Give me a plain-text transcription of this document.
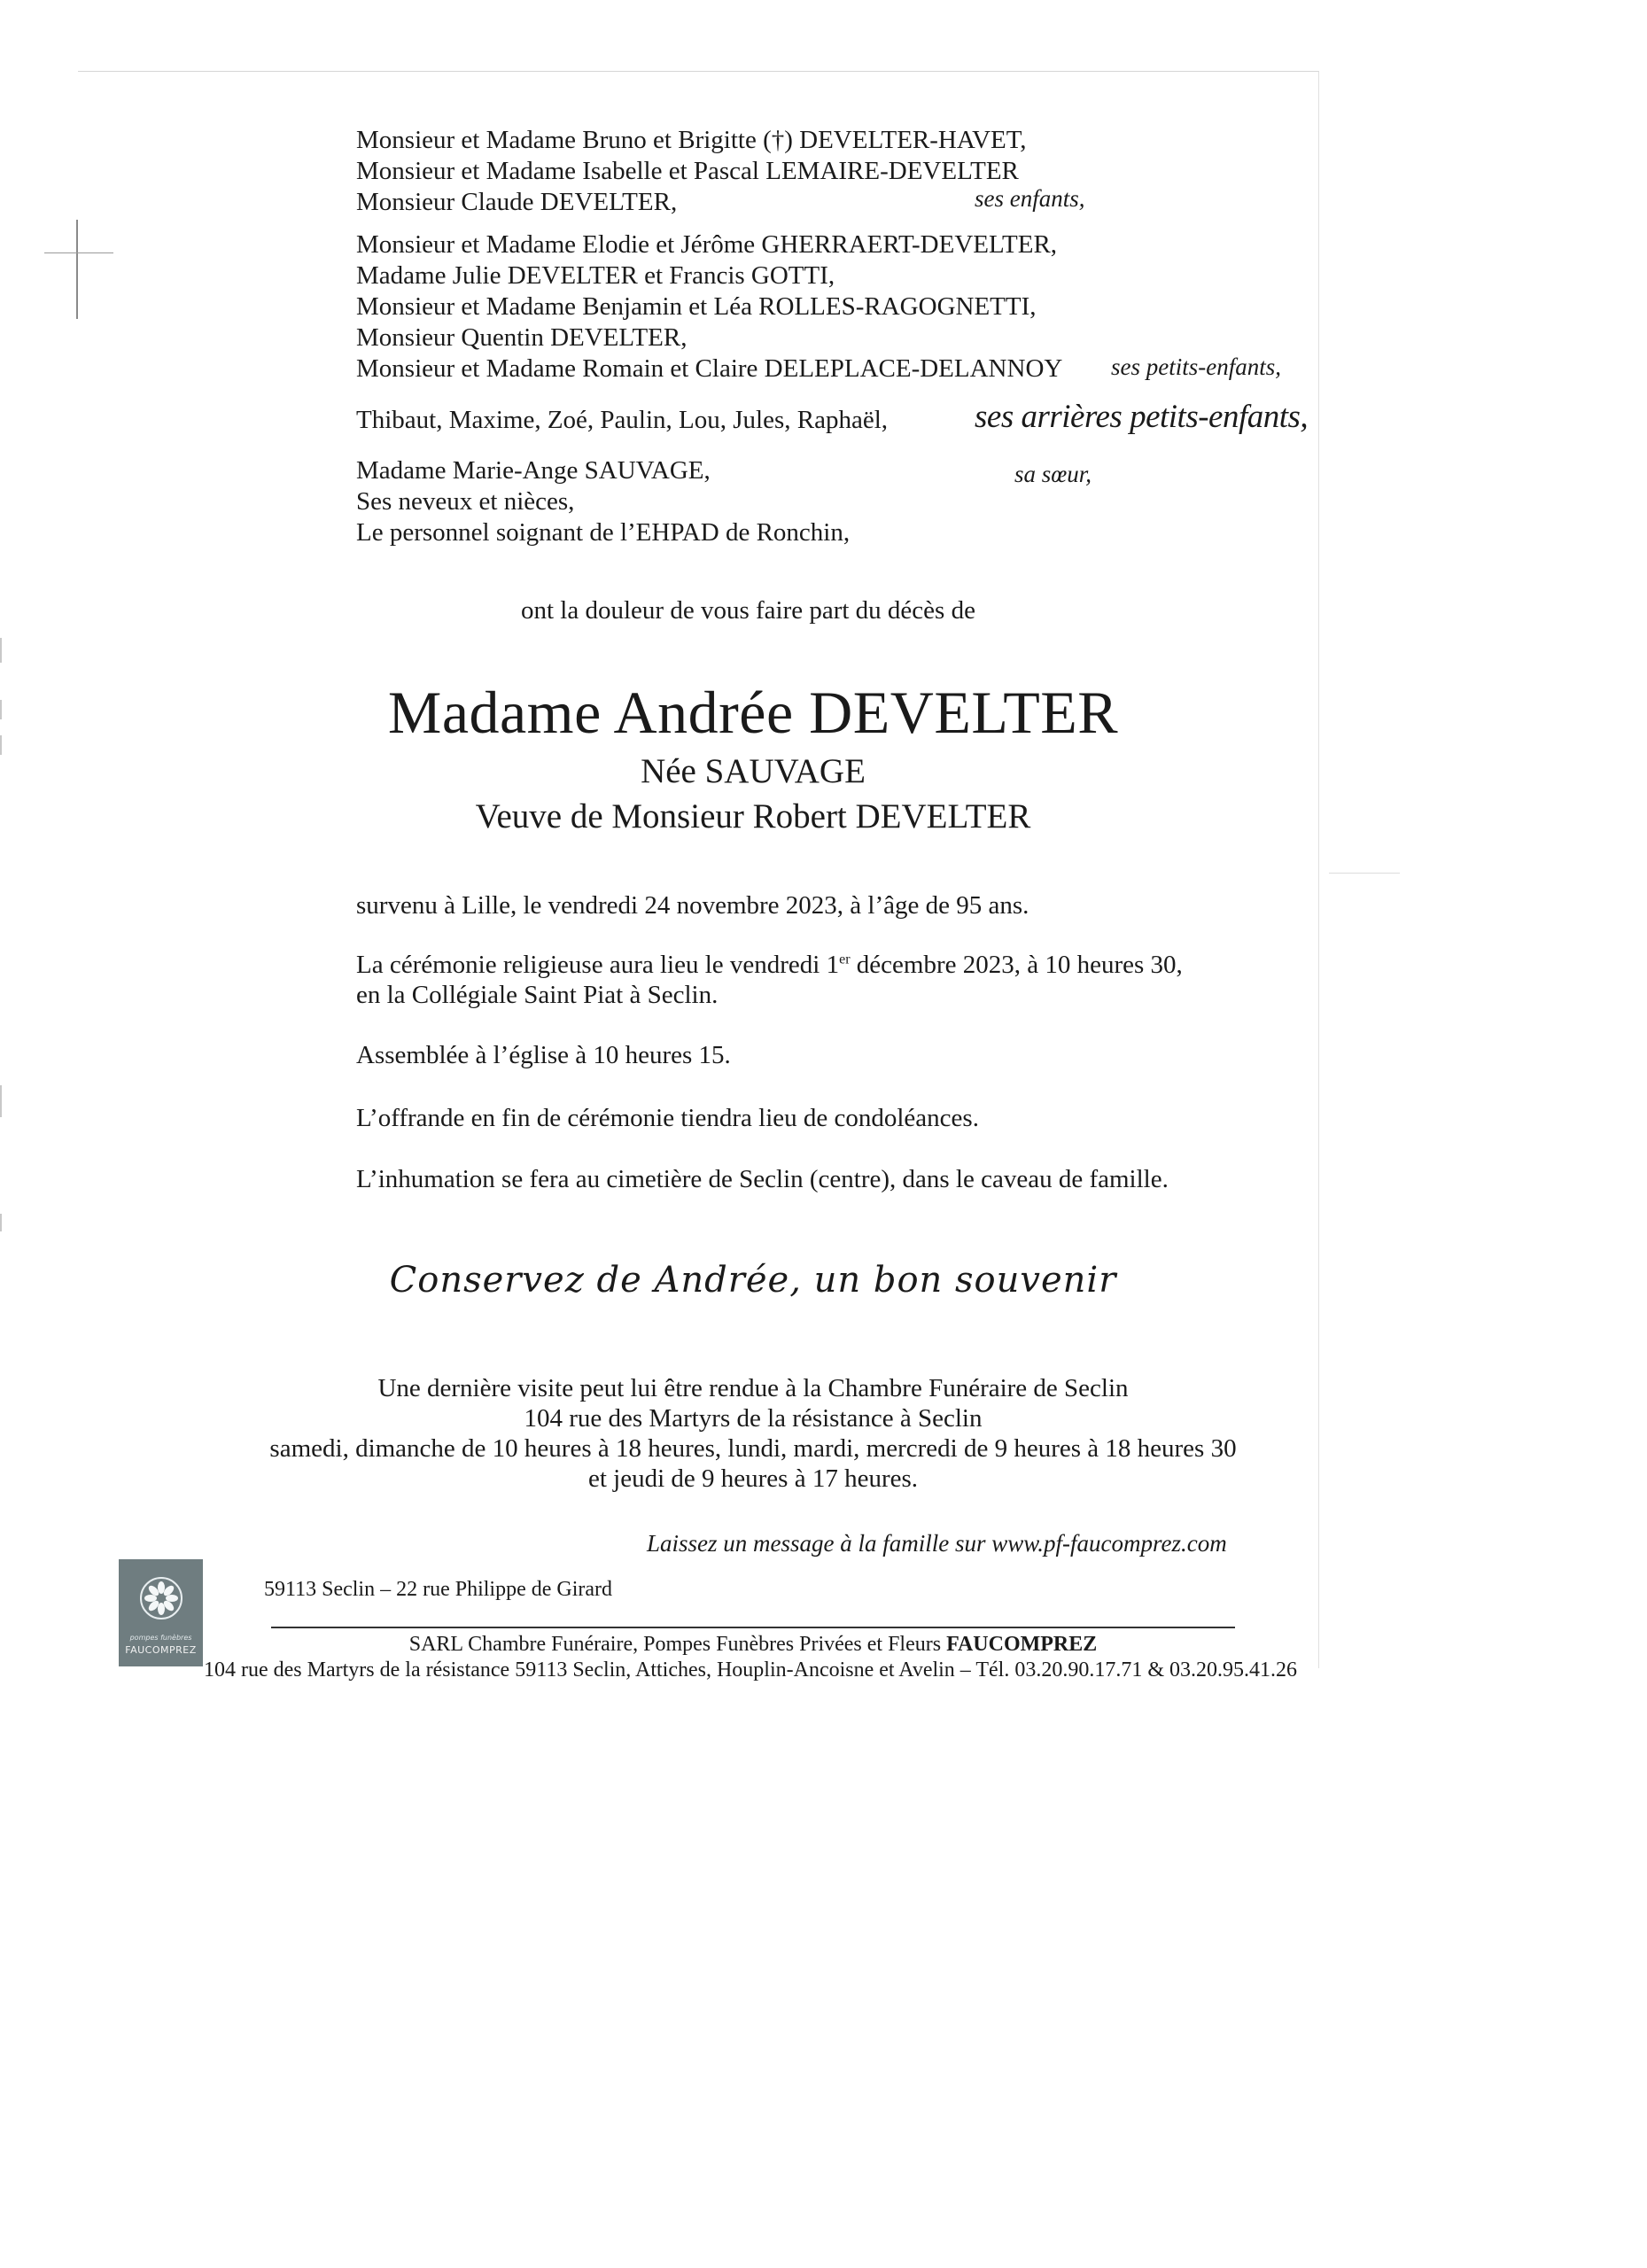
Monsieur et Madame Bruno et Brigitte (†) DEVELTER-HAVET,
Monsieur et Madame Isabelle et Pascal LEMAIRE-DEVELTER
Monsieur Claude DEVELTER,	ses enfants,
Monsieur et Madame Elodie et Jérôme GHERRAERT-DEVELTER,
Madame Julie DEVELTER et Francis GOTTI,
Monsieur et Madame Benjamin et Léa ROLLES-RAGOGNETTI,
Monsieur Quentin DEVELTER,
Monsieur et Madame Romain et Claire DELEPLACE-DELANNOY ses petits-enfants,
Thibaut, Maxime, Zoé, Paulin, Lou, Jules, Raphaël,	ses arrières petits-enfants,
Madame Marie-Ange SAUVAGE,
Ses neveux et nièces,
Le personnel soignant de l’EHPAD de Ronchin,
sa sœur,
ont la douleur de vous faire part du décès de
Madame Andrée DEVELTER
Née SAUVAGE
Veuve de Monsieur Robert DEVELTER
survenu à Lille, le vendredi 24 novembre 2023, à l’âge de 95 ans.
La cérémonie religieuse aura lieu le vendredi 1er décembre 2023, à 10 heures 30,
en la Collégiale Saint Piat à Seclin.
Assemblée à l’église à 10 heures 15.
L’offrande en fin de cérémonie tiendra lieu de condoléances.
L’inhumation se fera au cimetière de Seclin (centre), dans le caveau de famille.
Conservez de Andrée, un bon souvenir
Une dernière visite peut lui être rendue à la Chambre Funéraire de Seclin
104 rue des Martyrs de la résistance à Seclin
samedi, dimanche de 10 heures à 18 heures, lundi, mardi, mercredi de 9 heures à 18 heures 30
et jeudi de 9 heures à 17 heures.
Laissez un message à la famille sur www.pf-faucomprez.com
pompes funèbres
FAUCOMPREZ
59113 Seclin – 22 rue Philippe de Girard
SARL Chambre Funéraire, Pompes Funèbres Privées et Fleurs FAUCOMPREZ
104 rue des Martyrs de la résistance 59113 Seclin, Attiches, Houplin-Ancoisne et Avelin – Tél. 03.20.90.17.71 & 03.20.95.41.26
